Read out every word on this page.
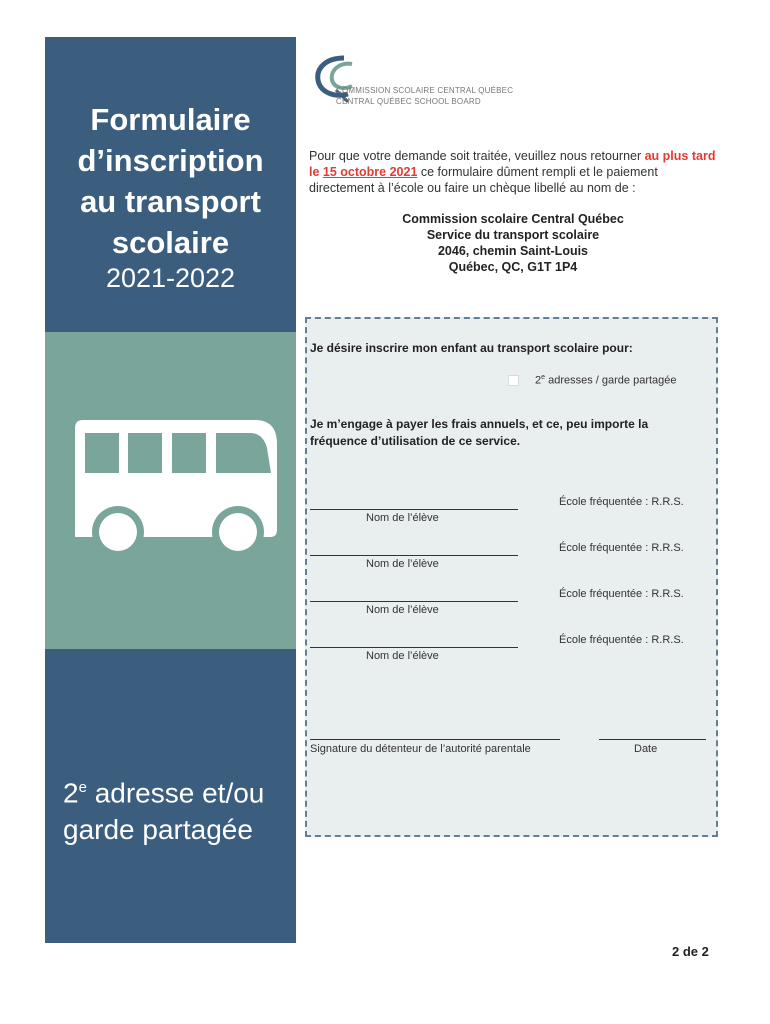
Formulaire
d’inscription
au transport
scolaire
2021-2022
2e adresse et/ou
garde partagée
COMMISSION SCOLAIRE CENTRAL QUÉBEC
CENTRAL QUÉBEC SCHOOL BOARD
Pour que votre demande soit traitée, veuillez nous retourner au plus tard le 15 octobre 2021 ce formulaire dûment rempli et le paiement directement à l’école ou faire un chèque libellé au nom de :
Commission scolaire Central Québec
Service du transport scolaire
2046, chemin Saint-Louis
Québec, QC, G1T 1P4
Je désire inscrire mon enfant au transport scolaire pour:
2e adresses / garde partagée
Je m’engage à payer les frais annuels, et ce, peu importe la
fréquence d’utilisation de ce service.
École fréquentée : R.R.S.
Nom de l’élève
École fréquentée : R.R.S.
Nom de l’élève
École fréquentée : R.R.S.
Nom de l’élève
École fréquentée : R.R.S.
Nom de l’élève
Signature du détenteur de l’autorité parentale	Date
2 de 2
